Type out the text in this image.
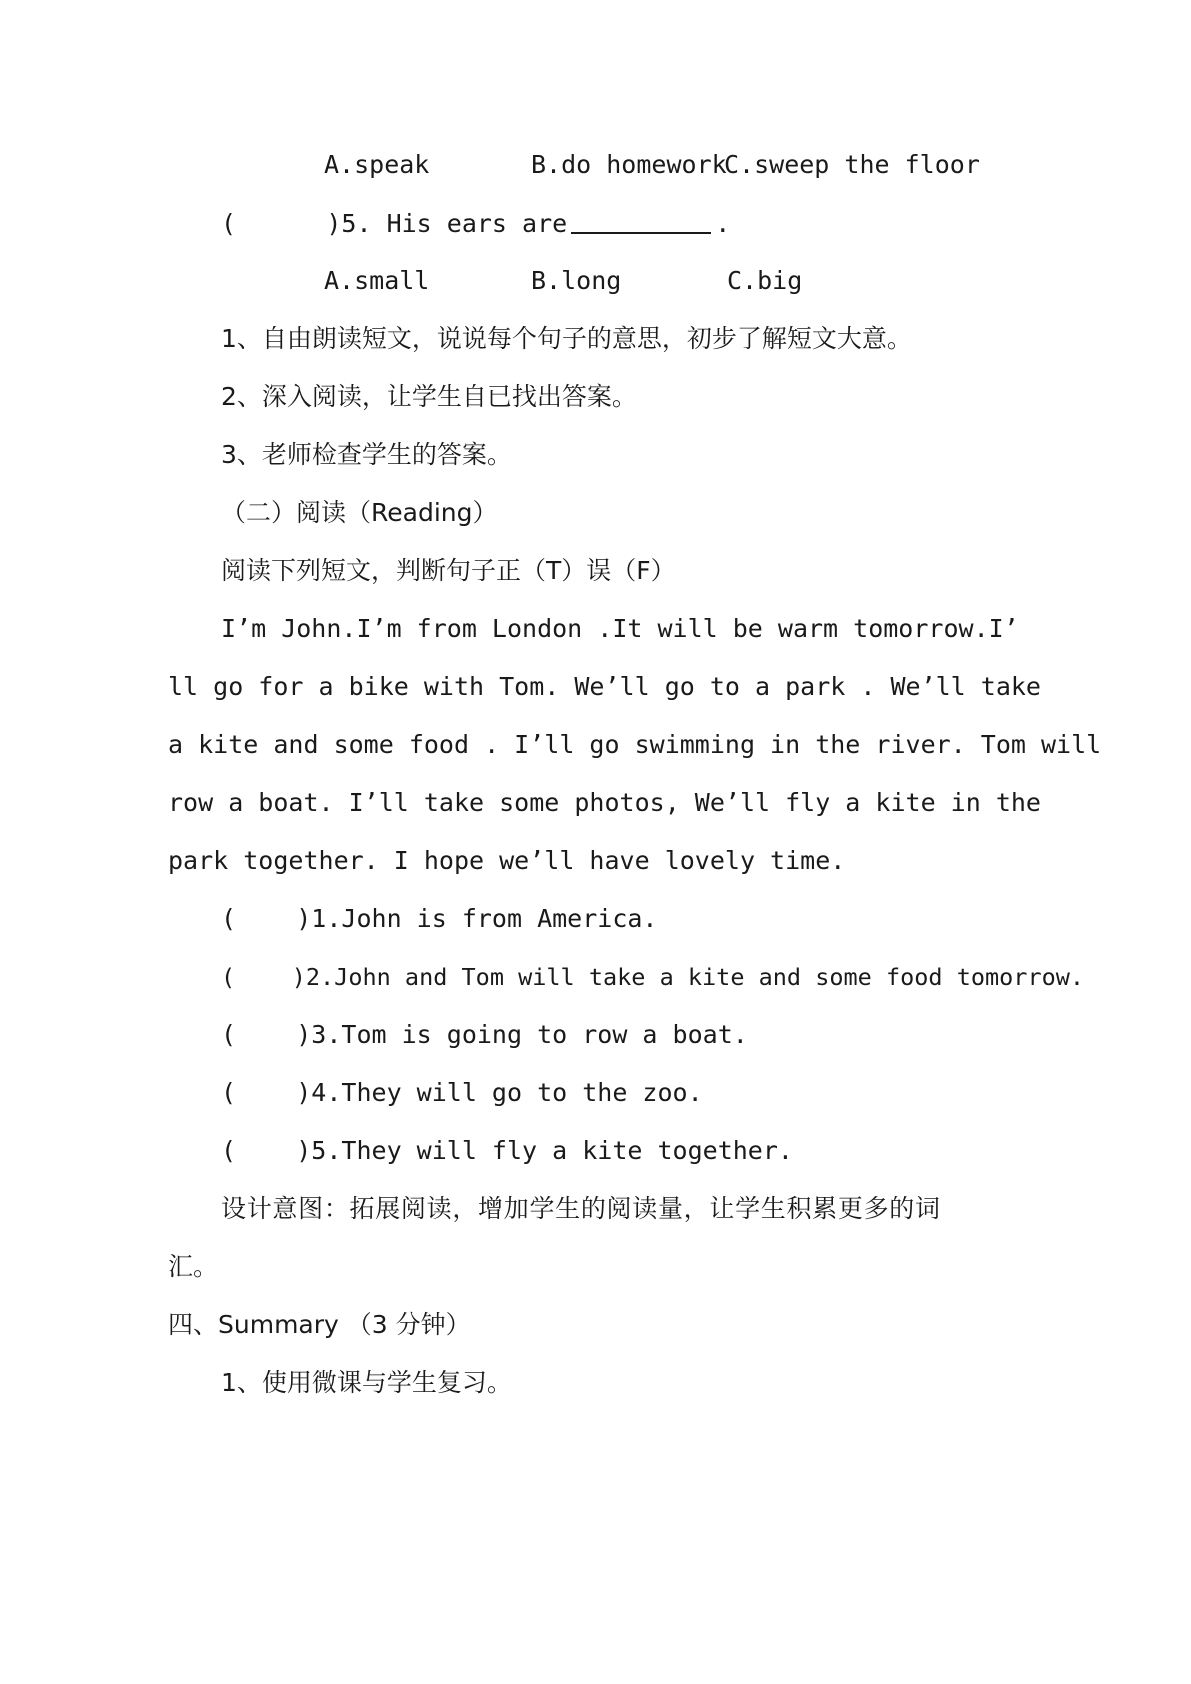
A.speak	B.do homework
C.sweep the floor
(      )5. His ears are	.
A.small	B.long	C.big
1、自由朗读短文，说说每个句子的意思，初步了解短文大意。
2、深入阅读，让学生自已找出答案。
3、老师检查学生的答案。
（二）阅读（Reading）
阅读下列短文，判断句子正（T）误（F）
I’m John.I’m from London .It will be warm tomorrow.I’
ll go for a bike with Tom. We’ll go to a park . We’ll take
a kite and some food . I’ll go swimming in the river. Tom will
row a boat. I’ll take some photos, We’ll fly a kite in the
park together. I hope we’ll have lovely time.
(    )1.John is from America.
(    )2.John and Tom will take a kite and some food tomorrow.
(    )3.Tom is going to row a boat.
(    )4.They will go to the zoo.
(    )5.They will fly a kite together.
设计意图：拓展阅读，增加学生的阅读量，让学生积累更多的词
汇。
四、Summary （3 分钟）
1、使用微课与学生复习。
